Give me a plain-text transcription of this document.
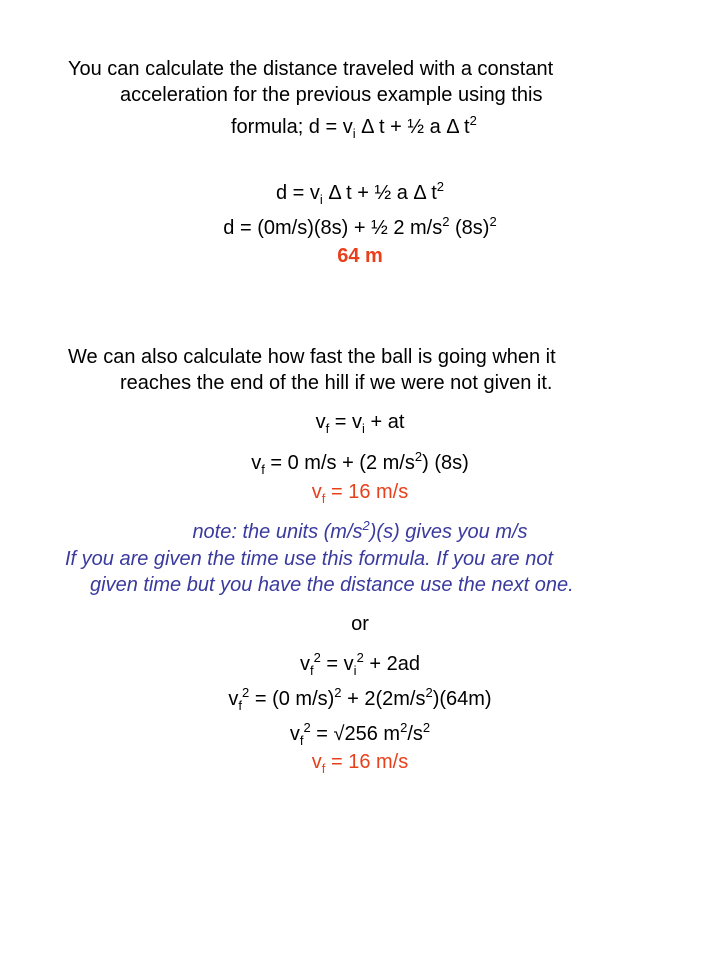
You can calculate the distance traveled with a constant
acceleration for the previous example using this
formula; $d = v_i$ Δ t + ½ a Δ $t^2$
$d = v_i$ Δ t + ½ a Δ $t^2$
d = (0m/s)(8s) + ½ 2 $m/s^2$ $(8s)^2$
64 m
We can also calculate how fast the ball is going when it
reaches the end of the hill if we were not given it.
$v_f = v_i$ + at
$v_f = 0$ m/s + (2 $m/s^2$) (8s)
$v_f = 16$ m/s
note: the units $(m/s^2)(s)$ gives you m/s
If you are given the time use this formula. If you are not
given time but you have the distance use the next one.
or
$v_f^2 = v_i^2 + 2ad$
$v_f^2 = (0$ $m/s)^2 + 2(2m/s^2)(64m)$
$v_f^2 = √256$ $m^2/s^2$
$v_f = 16$ m/s
